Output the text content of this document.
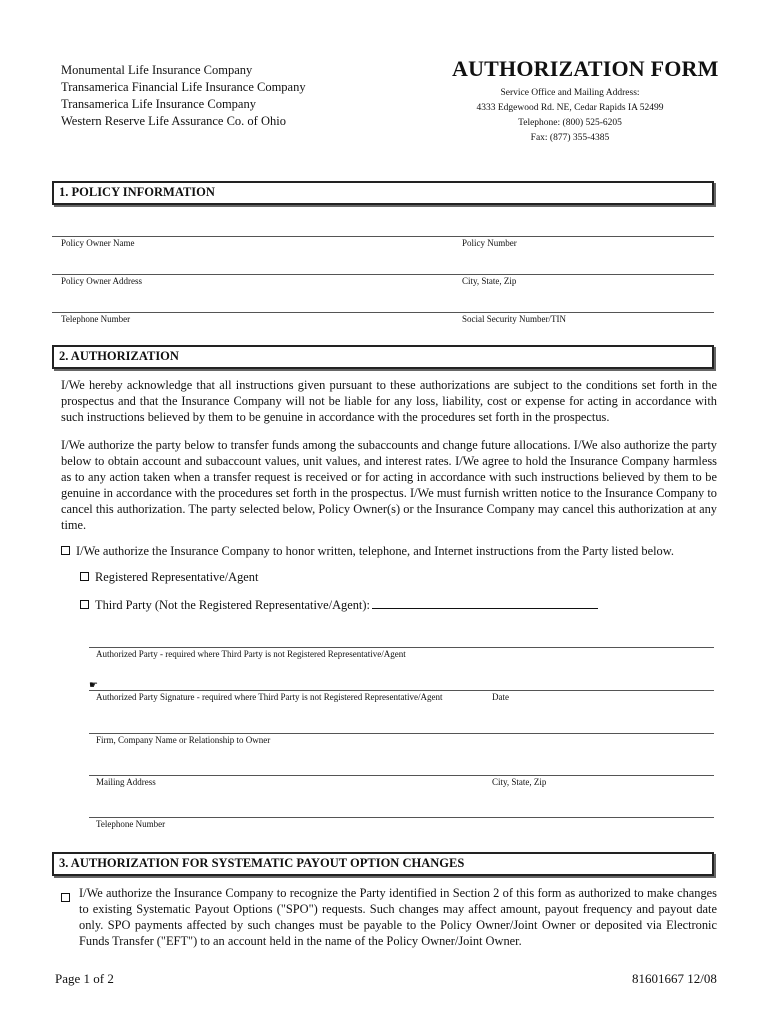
Monumental Life Insurance Company
Transamerica Financial Life Insurance Company
Transamerica Life Insurance Company
Western Reserve Life Assurance Co. of Ohio
AUTHORIZATION FORM
Service Office and Mailing Address:
4333 Edgewood Rd. NE, Cedar Rapids IA 52499
Telephone: (800) 525-6205
Fax: (877) 355-4385
1. POLICY INFORMATION
Policy Owner Name	Policy Number
Policy Owner Address	City, State, Zip
Telephone Number	Social Security Number/TIN
2. AUTHORIZATION
I/We hereby acknowledge that all instructions given pursuant to these authorizations are subject to the conditions set forth in the prospectus and that the Insurance Company will not be liable for any loss, liability, cost or expense for acting in accordance with such instructions believed by them to be genuine in accordance with the procedures set forth in the prospectus.
I/We authorize the party below to transfer funds among the subaccounts and change future allocations. I/We also authorize the party below to obtain account and subaccount values, unit values, and interest rates. I/We agree to hold the Insurance Company harmless as to any action taken when a transfer request is received or for acting in accordance with such instructions believed by them to be genuine in accordance with the procedures set forth in the prospectus. I/We must furnish written notice to the Insurance Company to cancel this authorization. The party selected below, Policy Owner(s) or the Insurance Company may cancel this authorization at any time.
I/We authorize the Insurance Company to honor written, telephone, and Internet instructions from the Party listed below.
Registered Representative/Agent
Third Party (Not the Registered Representative/Agent):
Authorized Party - required where Third Party is not Registered Representative/Agent
☛
Authorized Party Signature - required where Third Party is not Registered Representative/Agent	Date
Firm, Company Name or Relationship to Owner
Mailing Address	City, State, Zip
Telephone Number
3. AUTHORIZATION FOR SYSTEMATIC PAYOUT OPTION CHANGES
I/We authorize the Insurance Company to recognize the Party identified in Section 2 of this form as authorized to make changes to existing Systematic Payout Options ("SPO") requests. Such changes may affect amount, payout frequency and payout date only. SPO payments affected by such changes must be payable to the Policy Owner/Joint Owner or deposited via Electronic Funds Transfer ("EFT") to an account held in the name of the Policy Owner/Joint Owner.
Page 1 of 2	81601667 12/08
